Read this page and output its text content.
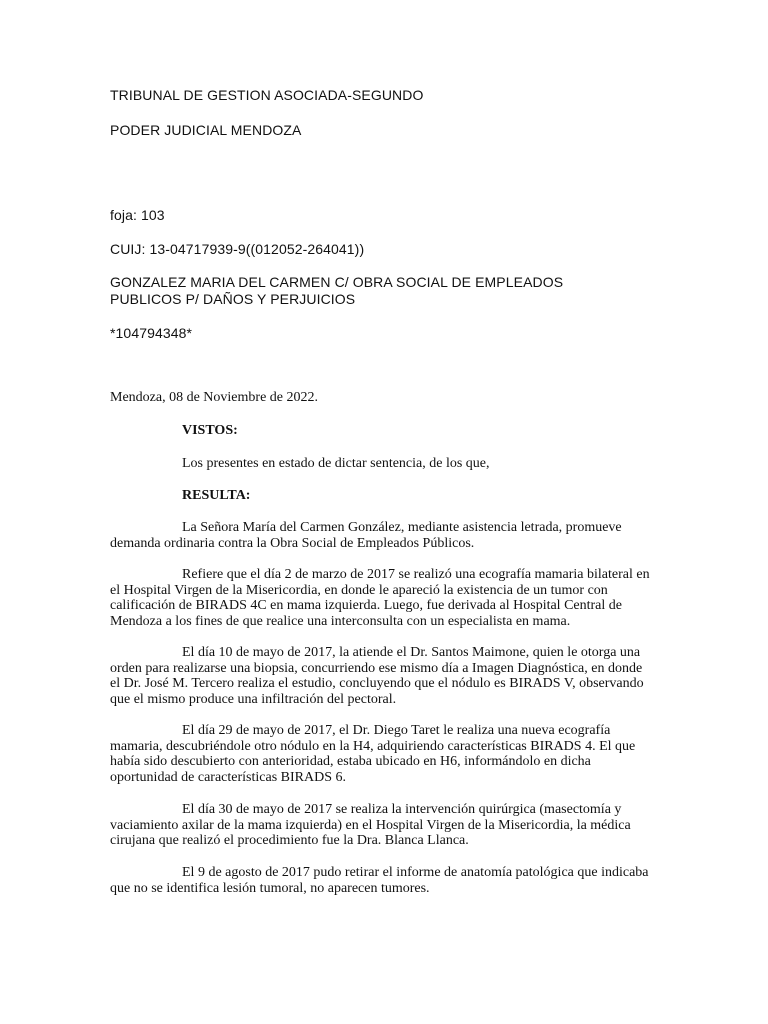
TRIBUNAL DE GESTION ASOCIADA-SEGUNDO
PODER JUDICIAL MENDOZA
foja: 103
CUIJ: 13-04717939-9((012052-264041))
GONZALEZ MARIA DEL CARMEN C/ OBRA SOCIAL DE EMPLEADOS
PUBLICOS P/ DAÑOS Y PERJUICIOS
*104794348*
Mendoza, 08 de Noviembre de 2022.
VISTOS:
Los presentes en estado de dictar sentencia, de los que,
RESULTA:

La Señora María del Carmen González, mediante asistencia letrada, promueve
demanda ordinaria contra la Obra Social de Empleados Públicos.

Refiere que el día 2 de marzo de 2017 se realizó una ecografía mamaria bilateral en
el Hospital Virgen de la Misericordia, en donde le apareció la existencia de un tumor con
calificación de BIRADS 4C en mama izquierda. Luego, fue derivada al Hospital Central de
Mendoza a los fines de que realice una interconsulta con un especialista en mama.

El día 10 de mayo de 2017, la atiende el Dr. Santos Maimone, quien le otorga una
orden para realizarse una biopsia, concurriendo ese mismo día a Imagen Diagnóstica, en donde
el Dr. José M. Tercero realiza el estudio, concluyendo que el nódulo es BIRADS V, observando
que el mismo produce una infiltración del pectoral.

El día 29 de mayo de 2017, el Dr. Diego Taret le realiza una nueva ecografía
mamaria, descubriéndole otro nódulo en la H4, adquiriendo características BIRADS 4. El que
había sido descubierto con anterioridad, estaba ubicado en H6, informándolo en dicha
oportunidad de características BIRADS 6.

El día 30 de mayo de 2017 se realiza la intervención quirúrgica (masectomía y
vaciamiento axilar de la mama izquierda) en el Hospital Virgen de la Misericordia, la médica
cirujana que realizó el procedimiento fue la Dra. Blanca Llanca.

El 9 de agosto de 2017 pudo retirar el informe de anatomía patológica que indicaba
que no se identifica lesión tumoral, no aparecen tumores.
